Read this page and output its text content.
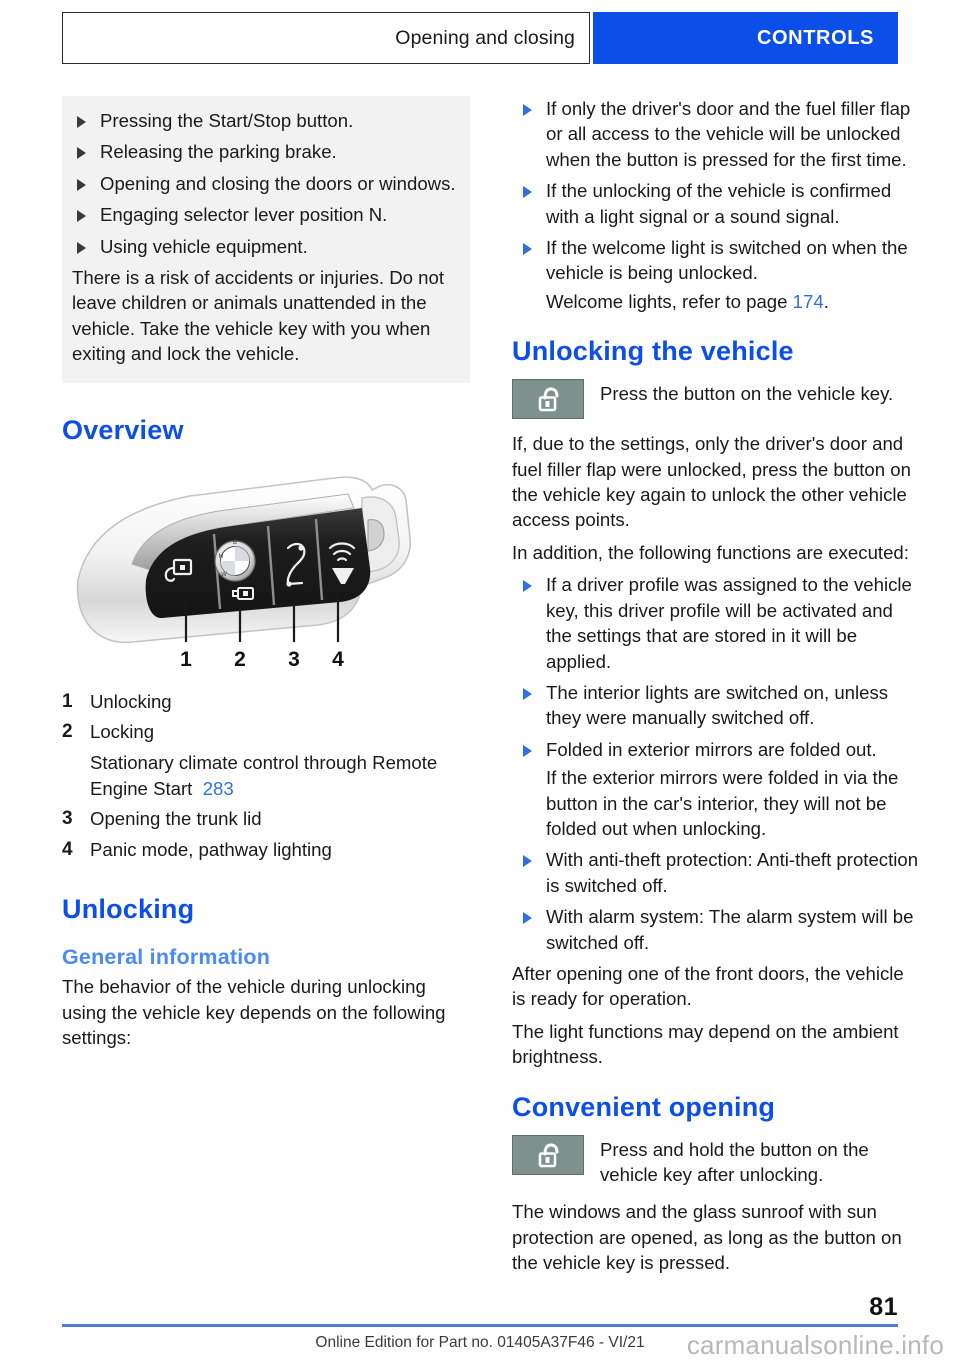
Opening and closing	CONTROLS
Pressing the Start/Stop button.
Releasing the parking brake.
Opening and closing the doors or windows.
Engaging selector lever position N.
Using vehicle equipment.
There is a risk of accidents or injuries. Do not leave children or animals unattended in the vehicle. Take the vehicle key with you when exiting and lock the vehicle.
Overview
B
M
W
1 2 3 4
1 Unlocking
2 Locking
Stationary climate control through Remote Engine Start 283
3 Opening the trunk lid
4 Panic mode, pathway lighting
Unlocking
General information

The behavior of the vehicle during unlocking using the vehicle key depends on the following settings:

If only the driver's door and the fuel filler flap or all access to the vehicle will be unlocked when the button is pressed for the first time.
If the unlocking of the vehicle is confirmed with a light signal or a sound signal.
If the welcome light is switched on when the vehicle is being unlocked.
Welcome lights, refer to page 174.
Unlocking the vehicle
Press the button on the vehicle key.

If, due to the settings, only the driver's door and fuel filler flap were unlocked, press the button on the vehicle key again to unlock the other vehicle access points.

In addition, the following functions are executed:

If a driver profile was assigned to the vehicle key, this driver profile will be activated and the settings that are stored in it will be applied.
The interior lights are switched on, unless they were manually switched off.
Folded in exterior mirrors are folded out.
If the exterior mirrors were folded in via the button in the car's interior, they will not be folded out when unlocking.
With anti-theft protection: Anti-theft protection is switched off.
With alarm system: The alarm system will be switched off.

After opening one of the front doors, the vehicle is ready for operation.

The light functions may depend on the ambient brightness.

Convenient opening
Press and hold the button on the vehicle key after unlocking.

The windows and the glass sunroof with sun protection are opened, as long as the button on the vehicle key is pressed.

81
Online Edition for Part no. 01405A37F46 - VI/21	carmanualsonline.info
